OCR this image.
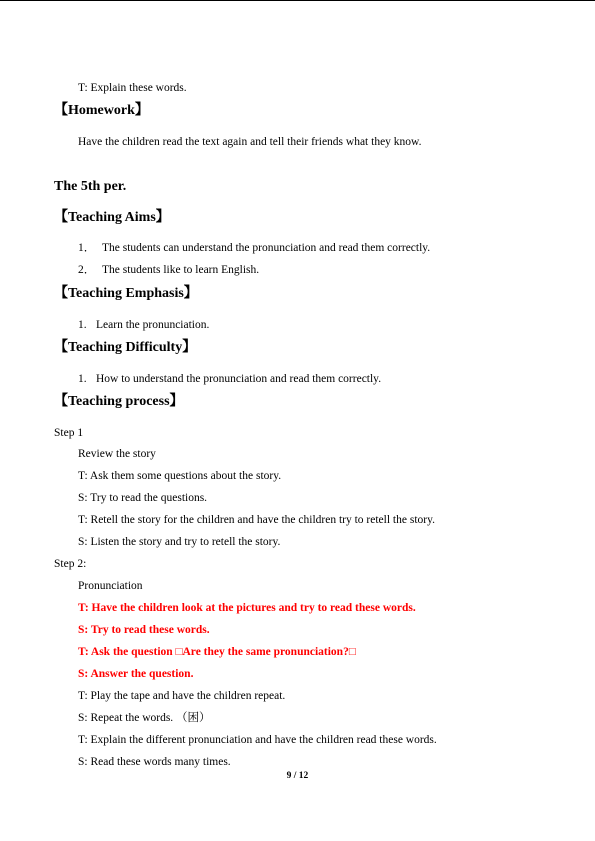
T: Explain these words.
【Homework】
Have the children read the text again and tell their friends what they know.
The 5th per.
【Teaching Aims】
1． The students can understand the pronunciation and read them correctly.
2． The students like to learn English.
【Teaching Emphasis】
1. Learn the pronunciation.
【Teaching Difficulty】
1. How to understand the pronunciation and read them correctly.
【Teaching process】
Step 1
Review the story
T: Ask them some questions about the story.
S: Try to read the questions.
T: Retell the story for the children and have the children try to retell the story.
S: Listen the story and try to retell the story.
Step 2:
Pronunciation
T: Have the children look at the pictures and try to read these words.
S: Try to read these words.
T: Ask the question □Are they the same pronunciation?□
S: Answer the question.
T: Play the tape and have the children repeat.
S: Repeat the words. （困）
T: Explain the different pronunciation and have the children read these words.
S: Read these words many times.
9 / 12
